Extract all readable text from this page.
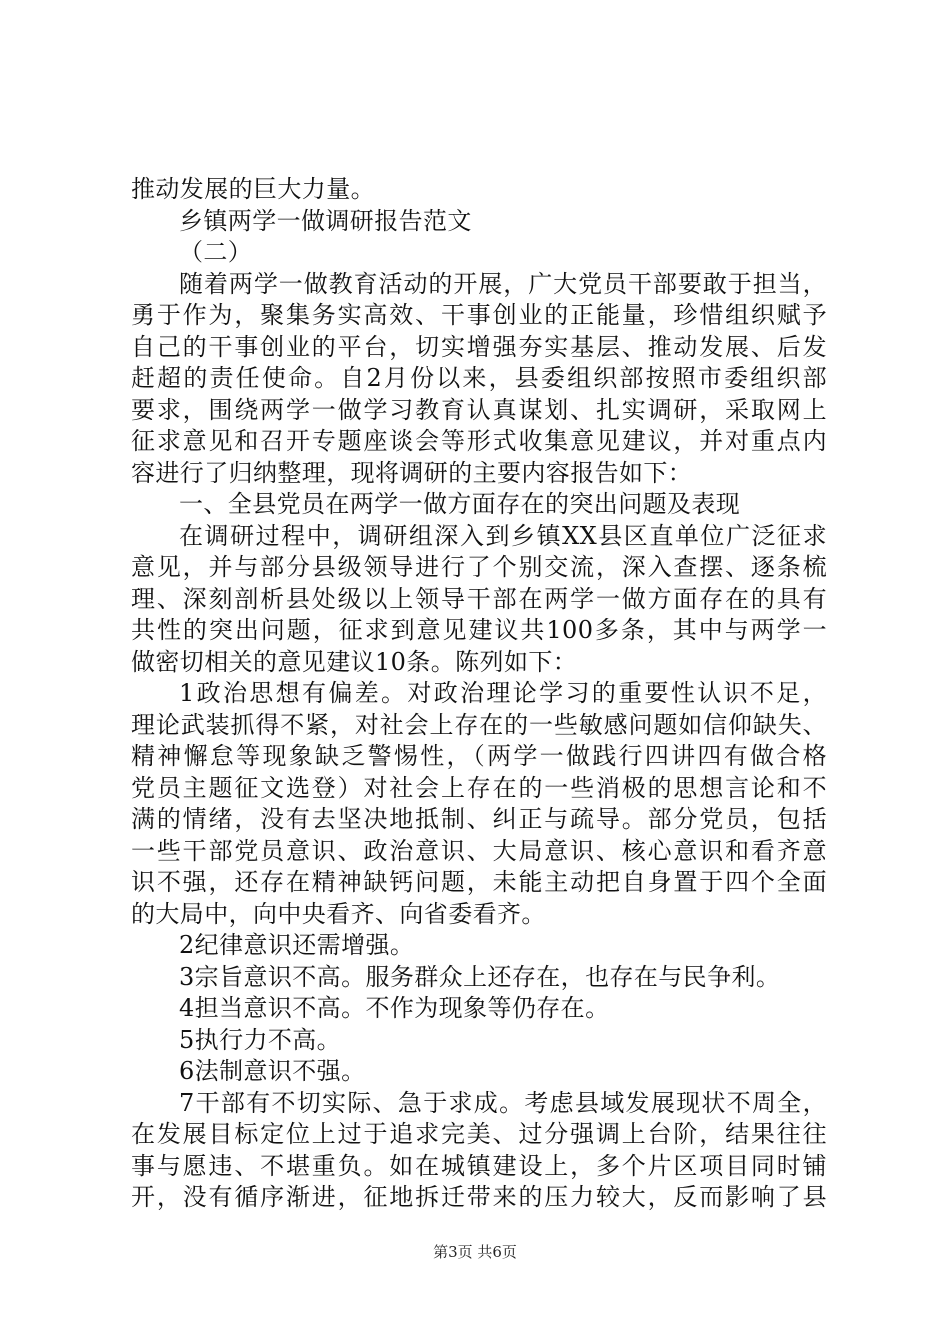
推动发展的巨大力量。
乡镇两学一做调研报告范文
（二）
随着两学一做教育活动的开展，广大党员干部要敢于担当，
勇于作为，聚集务实高效、干事创业的正能量，珍惜组织赋予
自己的干事创业的平台，切实增强夯实基层、推动发展、后发
赶超的责任使命。自2月份以来，县委组织部按照市委组织部
要求，围绕两学一做学习教育认真谋划、扎实调研，采取网上
征求意见和召开专题座谈会等形式收集意见建议，并对重点内
容进行了归纳整理，现将调研的主要内容报告如下：
一、全县党员在两学一做方面存在的突出问题及表现
在调研过程中，调研组深入到乡镇XX县区直单位广泛征求
意见，并与部分县级领导进行了个别交流，深入查摆、逐条梳
理、深刻剖析县处级以上领导干部在两学一做方面存在的具有
共性的突出问题，征求到意见建议共100多条，其中与两学一
做密切相关的意见建议10条。陈列如下：
1政治思想有偏差。对政治理论学习的重要性认识不足，
理论武装抓得不紧，对社会上存在的一些敏感问题如信仰缺失、
精神懈怠等现象缺乏警惕性，（两学一做践行四讲四有做合格
党员主题征文选登）对社会上存在的一些消极的思想言论和不
满的情绪，没有去坚决地抵制、纠正与疏导。部分党员，包括
一些干部党员意识、政治意识、大局意识、核心意识和看齐意
识不强，还存在精神缺钙问题，未能主动把自身置于四个全面
的大局中，向中央看齐、向省委看齐。
2纪律意识还需增强。
3宗旨意识不高。服务群众上还存在，也存在与民争利。
4担当意识不高。不作为现象等仍存在。
5执行力不高。
6法制意识不强。
7干部有不切实际、急于求成。考虑县域发展现状不周全，
在发展目标定位上过于追求完美、过分强调上台阶，结果往往
事与愿违、不堪重负。如在城镇建设上，多个片区项目同时铺
开，没有循序渐进，征地拆迁带来的压力较大，反而影响了县
第3页 共6页
